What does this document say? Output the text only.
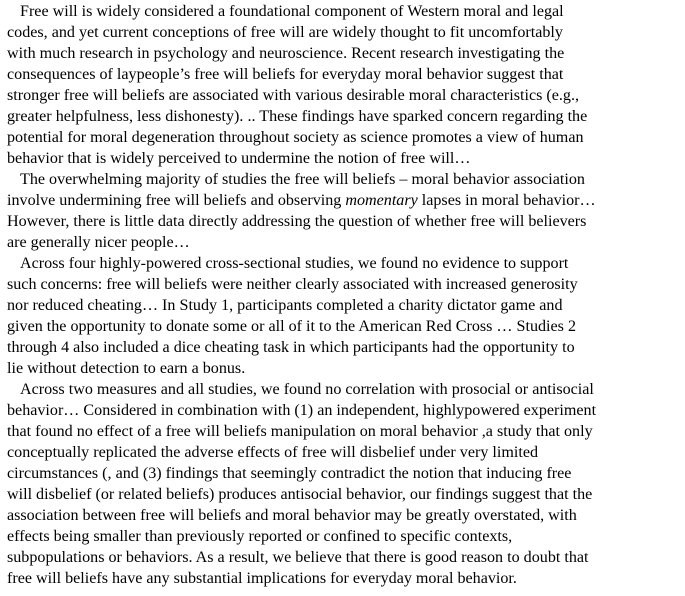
Free will is widely considered a foundational component of Western moral and legal
codes, and yet current conceptions of free will are widely thought to fit uncomfortably
with much research in psychology and neuroscience. Recent research investigating the
consequences of laypeople’s free will beliefs for everyday moral behavior suggest that
stronger free will beliefs are associated with various desirable moral characteristics (e.g.,
greater helpfulness, less dishonesty). .. These findings have sparked concern regarding the
potential for moral degeneration throughout society as science promotes a view of human
behavior that is widely perceived to undermine the notion of free will…

The overwhelming majority of studies the free will beliefs – moral behavior association
involve undermining free will beliefs and observing momentary lapses in moral behavior…
However, there is little data directly addressing the question of whether free will believers
are generally nicer people…

Across four highly-powered cross-sectional studies, we found no evidence to support
such concerns: free will beliefs were neither clearly associated with increased generosity
nor reduced cheating… In Study 1, participants completed a charity dictator game and
given the opportunity to donate some or all of it to the American Red Cross … Studies 2
through 4 also included a dice cheating task in which participants had the opportunity to
lie without detection to earn a bonus.

Across two measures and all studies, we found no correlation with prosocial or antisocial
behavior… Considered in combination with (1) an independent, highlypowered experiment
that found no effect of a free will beliefs manipulation on moral behavior ,a study that only
conceptually replicated the adverse effects of free will disbelief under very limited
circumstances (, and (3) findings that seemingly contradict the notion that inducing free
will disbelief (or related beliefs) produces antisocial behavior, our findings suggest that the
association between free will beliefs and moral behavior may be greatly overstated, with
effects being smaller than previously reported or confined to specific contexts,
subpopulations or behaviors. As a result, we believe that there is good reason to doubt that
free will beliefs have any substantial implications for everyday moral behavior.
